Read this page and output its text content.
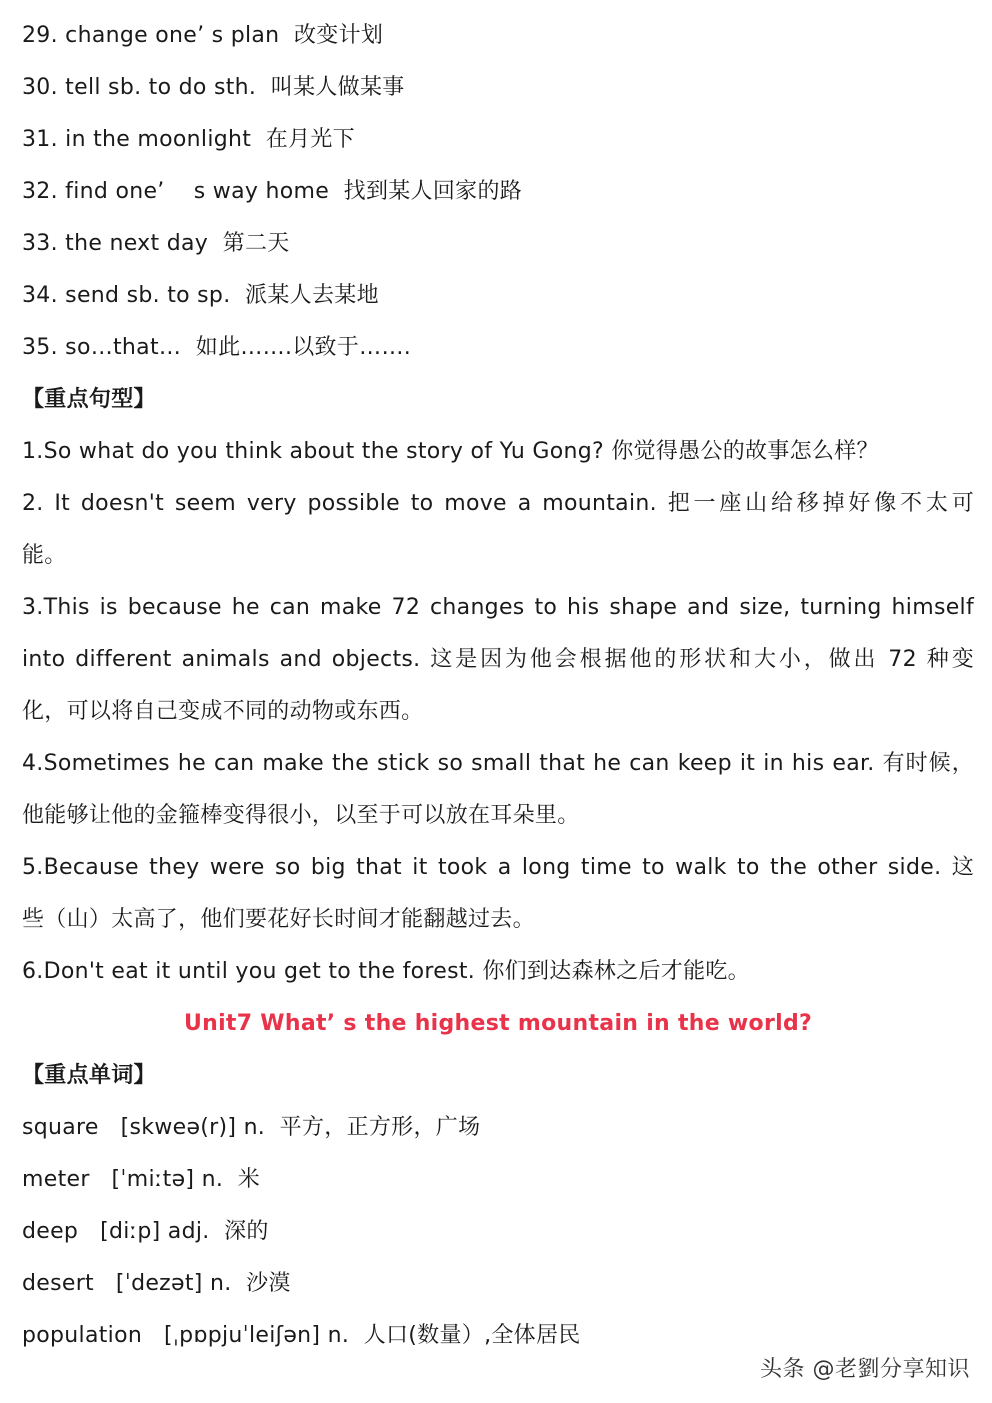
29. change one’ s plan  改变计划
30. tell sb. to do sth.  叫某人做某事
31. in the moonlight  在月光下
32. find one’    s way home  找到某人回家的路
33. the next day  第二天
34. send sb. to sp.  派某人去某地
35. so…that…  如此…….以致于…….
【重点句型】
1.So what do you think about the story of Yu Gong? 你觉得愚公的故事怎么样？
2. It doesn't seem very possible to move a mountain. 把一座山给移掉好像不太可
能。
3.This is because he can make 72 changes to his shape and size, turning himself
into different animals and objects. 这是因为他会根据他的形状和大小，做出 72 种变
化，可以将自己变成不同的动物或东西。
4.Sometimes he can make the stick so small that he can keep it in his ear. 有时候，
他能够让他的金箍棒变得很小，以至于可以放在耳朵里。
5.Because they were so big that it took a long time to walk to the other side. 这
些（山）太高了，他们要花好长时间才能翻越过去。
6.Don't eat it until you get to the forest. 你们到达森林之后才能吃。
Unit7 What’ s the highest mountain in the world?
【重点单词】
square   [skweə(r)] n.  平方，正方形，广场
meter   [ˈmiːtə] n.  米
deep   [diːp] adj.  深的
desert   [ˈdezət] n.  沙漠
population   [ˌpɒpjuˈleiʃən] n.  人口(数量）,全体居民
头条 @老劉分享知识
